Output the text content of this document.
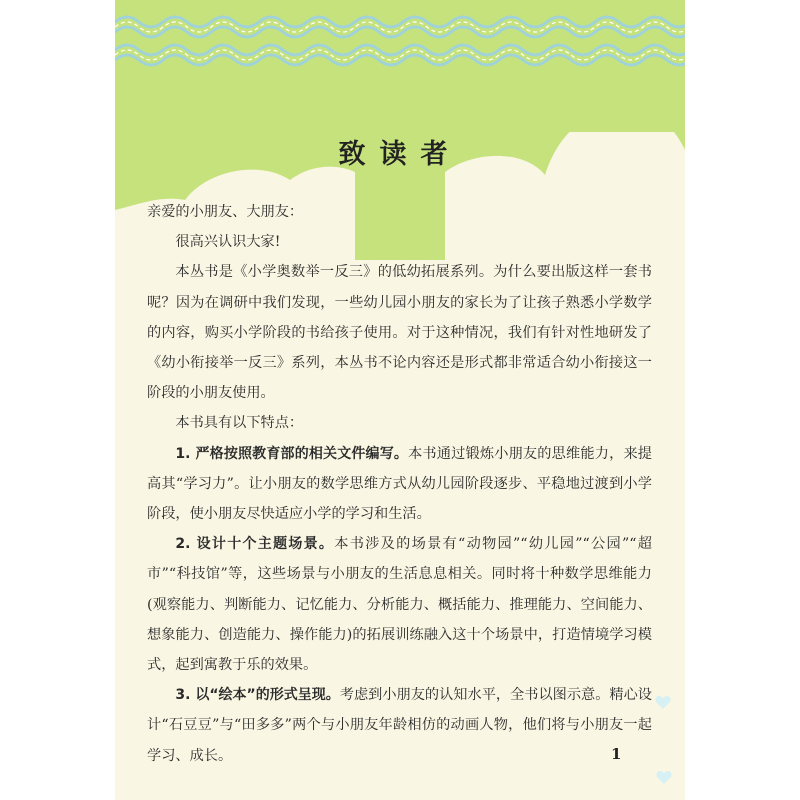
致读者

亲爱的小朋友、大朋友：

很高兴认识大家!

本丛书是《小学奥数举一反三》的低幼拓展系列。为什么要出版这样一套书呢？因为在调研中我们发现，一些幼儿园小朋友的家长为了让孩子熟悉小学数学的内容，购买小学阶段的书给孩子使用。对于这种情况，我们有针对性地研发了《幼小衔接举一反三》系列，本丛书不论内容还是形式都非常适合幼小衔接这一阶段的小朋友使用。

本书具有以下特点：

1. 严格按照教育部的相关文件编写。本书通过锻炼小朋友的思维能力，来提高其“学习力”。让小朋友的数学思维方式从幼儿园阶段逐步、平稳地过渡到小学阶段，使小朋友尽快适应小学的学习和生活。

2. 设计十个主题场景。本书涉及的场景有“动物园”“幼儿园”“公园”“超市”“科技馆”等，这些场景与小朋友的生活息息相关。同时将十种数学思维能力(观察能力、判断能力、记忆能力、分析能力、概括能力、推理能力、空间能力、想象能力、创造能力、操作能力)的拓展训练融入这十个场景中，打造情境学习模式，起到寓教于乐的效果。

3. 以“绘本”的形式呈现。考虑到小朋友的认知水平，全书以图示意。精心设计“石豆豆”与“田多多”两个与小朋友年龄相仿的动画人物，他们将与小朋友一起学习、成长。	1
